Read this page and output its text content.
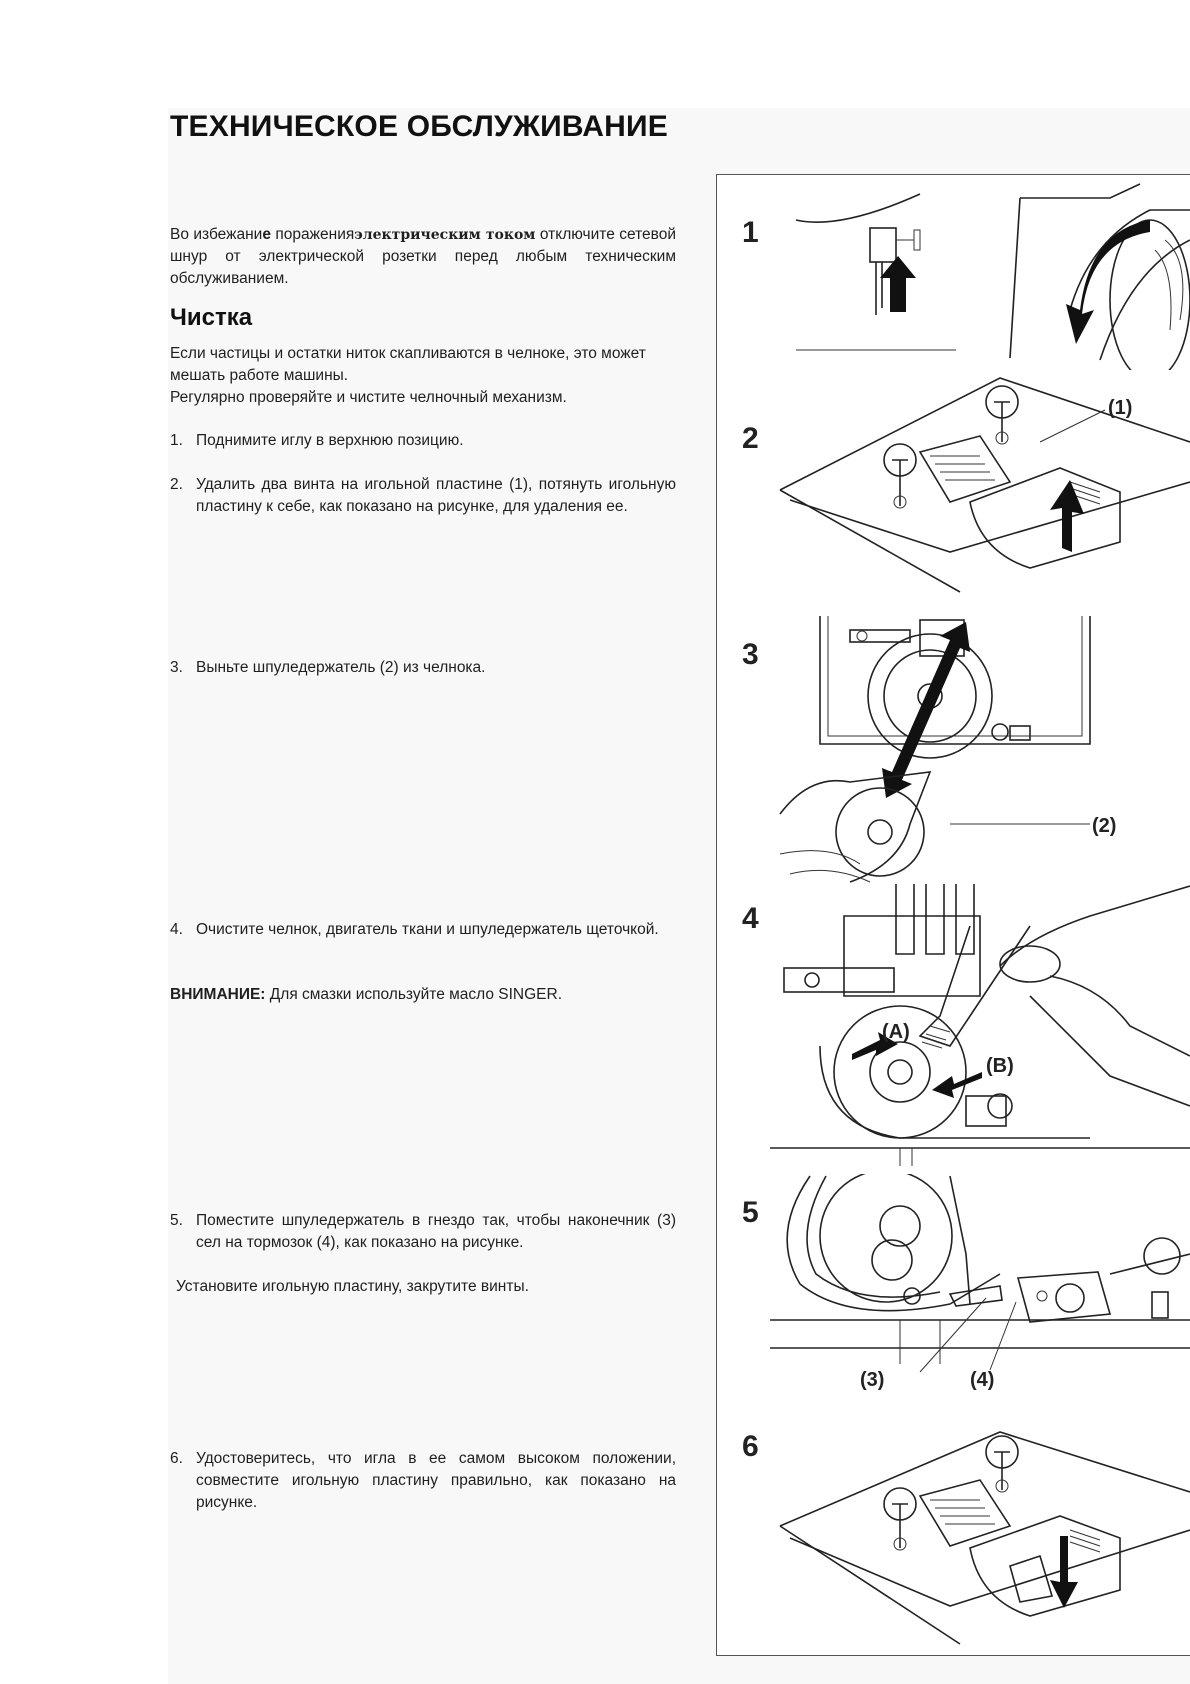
ТЕХНИЧЕСКОЕ ОБСЛУЖИВАНИЕ

Во избежание пораженияэлектрическим током отключите сетевой шнур от электрической розетки перед любым техническим обслуживанием.

Чистка

Если частицы и остатки ниток скапливаются в челноке, это может мешать работе машины.
Регулярно проверяйте и чистите челночный механизм.

1. Поднимите иглу в верхнюю позицию.
2. Удалить два винта на игольной пластине (1), потянуть игольную пластину к себе, как показано на рисунке, для удаления ее.
3. Выньте шпуледержатель (2) из челнока.
4. Очистите челнок, двигатель ткани и шпуледержатель щеточкой.

ВНИМАНИЕ: Для смазки используйте масло SINGER.

5. Поместите шпуледержатель в гнездо так, чтобы наконечник (3) сел на тормозок (4), как показано на рисунке.
Установите игольную пластину, закрутите винты.
6. Удостоверитесь, что игла в ее самом высоком положении, совместите игольную пластину правильно, как показано на рисунке.
1
2
3
4
5
6
(1)
(2)
(A)
(B)
(3)	(4)
